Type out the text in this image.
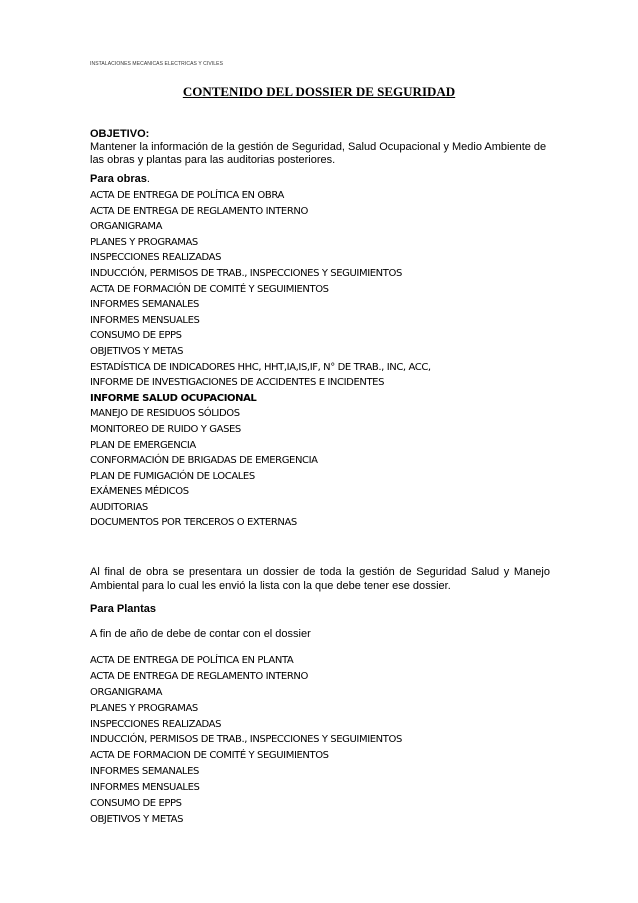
INSTALACIONES MECANICAS ELECTRICAS Y CIVILES
CONTENIDO DEL DOSSIER DE SEGURIDAD
OBJETIVO:
Mantener la información de la gestión de Seguridad, Salud Ocupacional y Medio Ambiente de las obras y plantas para las auditorias posteriores.
Para obras.
ACTA DE ENTREGA DE POLÍTICA EN OBRA
ACTA DE ENTREGA DE REGLAMENTO INTERNO
ORGANIGRAMA
PLANES Y PROGRAMAS
INSPECCIONES REALIZADAS
INDUCCIÓN, PERMISOS DE TRAB., INSPECCIONES Y SEGUIMIENTOS
ACTA DE FORMACIÓN DE COMITÉ Y SEGUIMIENTOS
INFORMES SEMANALES
INFORMES MENSUALES
CONSUMO DE EPPS
OBJETIVOS Y METAS
ESTADÍSTICA DE INDICADORES HHC, HHT,IA,IS,IF, N° DE TRAB., INC, ACC,
INFORME DE INVESTIGACIONES DE ACCIDENTES E INCIDENTES
INFORME SALUD OCUPACIONAL
MANEJO DE RESIDUOS SÓLIDOS
MONITOREO DE RUIDO Y GASES
PLAN DE EMERGENCIA
CONFORMACIÓN DE BRIGADAS DE EMERGENCIA
PLAN DE FUMIGACIÓN DE LOCALES
EXÁMENES MÉDICOS
AUDITORIAS
DOCUMENTOS POR TERCEROS O EXTERNAS
Al final de obra se presentara un dossier de toda la gestión de Seguridad Salud y Manejo Ambiental para lo cual les envió la lista con la que debe tener ese dossier.
Para Plantas
A fin de año de debe de contar con el dossier
ACTA DE ENTREGA DE POLÍTICA EN PLANTA
ACTA DE ENTREGA DE REGLAMENTO INTERNO
ORGANIGRAMA
PLANES Y PROGRAMAS
INSPECCIONES REALIZADAS
INDUCCIÓN, PERMISOS DE TRAB., INSPECCIONES Y SEGUIMIENTOS
ACTA DE FORMACION DE COMITÉ Y SEGUIMIENTOS
INFORMES SEMANALES
INFORMES MENSUALES
CONSUMO DE EPPS
OBJETIVOS Y METAS
